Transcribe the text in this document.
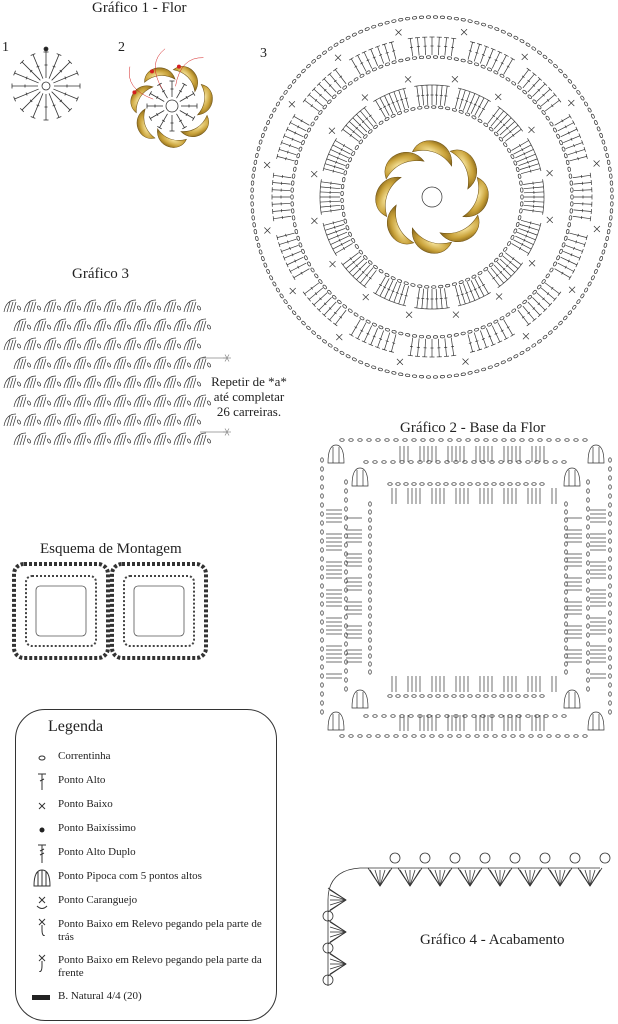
Gráfico 1 - Flor
Gráfico 3
Gráfico 2 - Base da Flor
Esquema de Montagem
Gráfico 4 - Acabamento
1	2	3
Repetir de *a*
até completar
26 carreiras.
Legenda
Correntinha
Ponto Alto
Ponto Baixo
Ponto Baixíssimo
Ponto Alto Duplo
Ponto Pipoca com 5 pontos altos
Ponto Caranguejo
Ponto Baixo em Relevo pegando pela parte de trás
Ponto Baixo em Relevo pegando pela parte da frente
B. Natural 4/4 (20)
